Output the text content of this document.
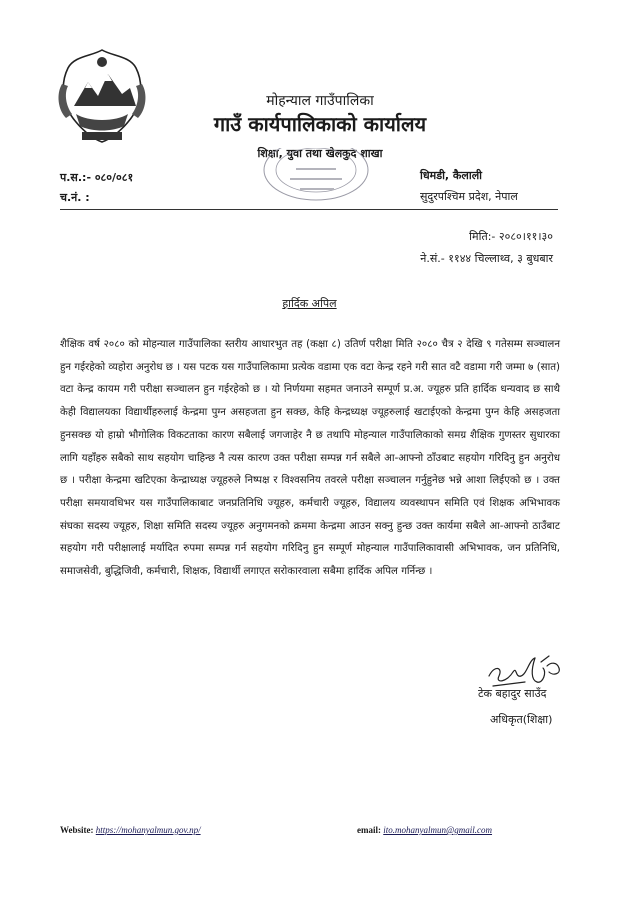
मोहन्याल गाउँपालिका
गाउँ कार्यपालिकाको कार्यालय
शिक्षा, युवा तथा खेलकुद शाखा
प.स.:- ०८०/०८१
च.नं. :
धिमडी, कैलाली
सुदुरपश्चिम प्रदेश, नेपाल
मिति:- २०८०।११।३०
ने.सं.- ११४४ चिल्लाथ्व, ३ बुधबार
हार्दिक अपिल
शैक्षिक वर्ष २०८० को मोहन्याल गाउँपालिका स्तरीय आधारभुत तह (कक्षा ८) उतिर्ण परीक्षा मिति २०८० चैत्र २ देखि ९ गतेसम्म सञ्चालन हुन गईरहेको व्यहोरा अनुरोध छ । यस पटक यस गाउँपालिकामा प्रत्येक वडामा एक वटा केन्द्र रहने गरी सात वटै वडामा गरी जम्मा ७ (सात) वटा केन्द्र कायम गरी परीक्षा सञ्चालन हुन गईरहेको छ । यो निर्णयमा सहमत जनाउने सम्पूर्ण प्र.अ. ज्यूहरु प्रति हार्दिक धन्यवाद छ साथै केही विद्यालयका विद्यार्थीहरुलाई केन्द्रमा पुग्न असहजता हुन सक्छ, केहि केन्द्रध्यक्ष ज्यूहरुलाई खटाईएको केन्द्रमा पुग्न केहि असहजता हुनसक्छ यो हाम्रो भौगोलिक विकटताका कारण सबैलाई जगजाहेर नै छ तथापि मोहन्याल गाउँपालिकाको समग्र शैक्षिक गुणस्तर सुधारका लागि यहाँहरु सबैको साथ सहयोग चाहिन्छ नै त्यस कारण उक्त परीक्षा सम्पन्न गर्न सबैले आ-आफ्नो ठाँउबाट सहयोग गरिदिनु हुन अनुरोध छ । परीक्षा केन्द्रमा खटिएका केन्द्राध्यक्ष ज्यूहरुले निष्पक्ष र विश्वसनिय तवरले परीक्षा सञ्चालन गर्नुहुनेछ भन्ने आशा लिईएको छ । उक्त परीक्षा समयावधिभर यस गाउँपालिकाबाट जनप्रतिनिधि ज्यूहरु, कर्मचारी ज्यूहरु, विद्यालय व्यवस्थापन समिति एवं शिक्षक अभिभावक संघका सदस्य ज्यूहरु, शिक्षा समिति सदस्य ज्यूहरु अनुगमनको क्रममा केन्द्रमा आउन सक्नु हुन्छ उक्त कार्यमा सबैले आ-आफ्नो ठाउँबाट सहयोग गरी परीक्षालाई मर्यादित रुपमा सम्पन्न गर्न सहयोग गरिदिनु हुन सम्पूर्ण मोहन्याल गाउँपालिकावासी अभिभावक, जन प्रतिनिधि, समाजसेवी, बुद्धिजिवी, कर्मचारी, शिक्षक, विद्यार्थी लगाएत सरोकारवाला सबैमा हार्दिक अपिल गर्निन्छ ।
टेक बहादुर साउँद
अधिकृत(शिक्षा)
Website: https://mohanyalmun.gov.np/	email: ito.mohanyalmun@gmail.com
